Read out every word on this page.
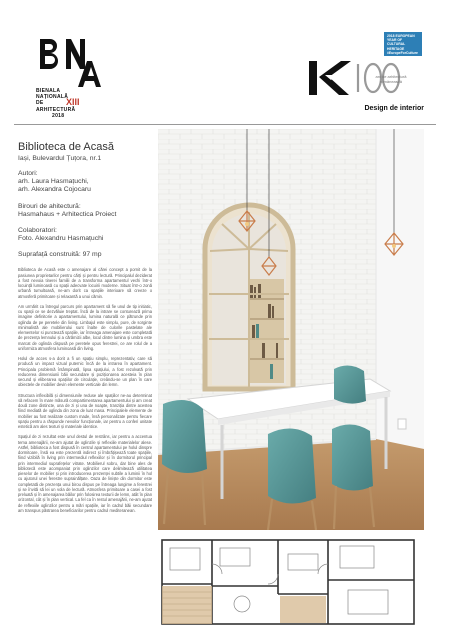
BIENALA
NAȚIONALĂ
DE
ARHITECTURĂ
2018
XIII
2018 EUROPEAN YEAR OF CULTURAL HERITAGE #EuropeForCulture
ani de arhitectură românească
Design de interior
Biblioteca de Acasă

Iași, Bulevardul Țuțora, nr.1

Autori:

arh. Laura Hasmațuchi,

arh. Alexandra Cojocaru

Birouri de ahitectură:

Hasmahaus + Arhitectica Proiect

Colaboratori:

Foto. Alexandru Hasmațuchi

Suprafață construită: 97 mp

Biblioteca de Acasă este o amenajare al cărei concept a pornit de la pasiunea proprietarilor pentru cărți și pentru lectură. Principalul deziderat a fost nevoia tinerei familii de a transforma apartamentul vechi într-o locuință luminoasă cu spații adecvate locuirii moderne. Situat într-o zonă urbană tumultoasă, ne-am dorit ca spațiile interioare să creeze o atmosferă primitoare și relaxantă a unui cămin.

Am urmărit ca întregul parcurs prin apartament să fie unul de tip initiatic, cu spații ce se dezvăluie treptat. Încă de la intrare se conturează prima imagine definitorie a apartamentului, lumina naturală ce pătrunde prin oglinda de pe peretele din living. Limbajul este simplu, pure, de sorginte minimalistă ale mobilierului sunt înalte de culorile pastelate ale elementelor si punctează spațiile, iar întreaga amenajare este completată de prezența lemnului și a cărămizii albe, locul dintre lumina și umbra este marcat de oglinda dispusă pe peretele opus ferestrei, ce are rolul de a uniformiza atmosfera luminoasă din living.

Holul de acces s-a dorit a fi un spațiu simplu, reprezentativ, care să producă un impact vizual puternic încă de la intrarea în apartament. Principala problemă întâmpinată, lipsa spațiului, a fost rezolvată prin reducerea dimensiunii băii secundare și poziționarea acesteia în plan secund și eliberarea spațiilor de circulație, creându-se un plan în care obiectele de mobilier devin elemente verticale din lemn.

Structura inflexibilă și dimensiunile reduse ale spațiilor ne-au determinat să refacem în mare măsură compartimentarea apartamentului și am creat două zone distincte, una de zi și una de noapte, tranziția dintre acestea fiind mediată de oglinda din zona de luat masa. Principalele elemente de mobilier au fost realizate custom made, însă personalizate pentru fiecare spațiu pentru a răspunde nevoilor funcționale, iar pentru a conferi unitate estetică am ales texturi și materiale identice.

Spațiul de zi rezultat este unul destul de restrâns, iar pentru a accentua tema amenajării, ne-am ajutat de oglinzile și reflexiile materialelor alese. Astfel, biblioteca a fost dispusă în centrul apartamentului pe holul dinspre dormitoare, însă ea este prezentă indirect și îmbrățișează toate spațiile, fiind vizibilă în living prin intermediul reflexiilor și în dormitorul principal prin intermediul suprafețelor vitrate. Mobilierul sobru, dar bine ales de bibliotecă este acompaniat prin oglinzilor care delimitează utilitatea pieselor de mobilier și prin introducerea prezenței subtile a luminii în hol cu ajutorul unei ferestre suprainălțate. Oaza de liniște din dormitor este completată de prezența unui birou dispus pe întreaga lungime a ferestrei și se învită să lei un vola de lectură. Atmosfera primitoare a casei a fost preluată și în amenajarea băilor prin folosirea texturii de lemn, atât în plan orizontal, cât și în plan vertical. La fel ca în restul amenajării, ne-am ajutat de reflexiile oglinzilor pentru a mări spațiile, iar în cadrul băii secundare am transpus păstrarea beneficiarilor pentru cadrul mediteranean.
